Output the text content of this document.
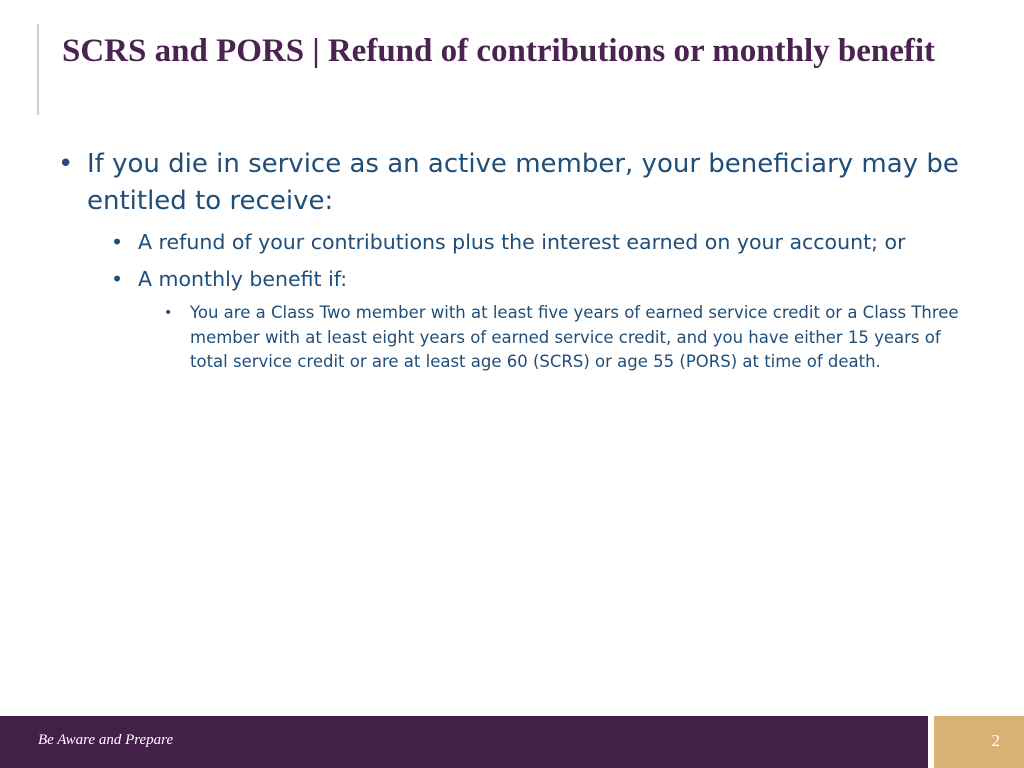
SCRS and PORS | Refund of contributions or monthly benefit
• If you die in service as an active member, your beneficiary may be entitled to receive:
• A refund of your contributions plus the interest earned on your account; or
• A monthly benefit if:
• You are a Class Two member with at least five years of earned service credit or a Class Three member with at least eight years of earned service credit, and you have either 15 years of total service credit or are at least age 60 (SCRS) or age 55 (PORS) at time of death.
Be Aware and Prepare	2
